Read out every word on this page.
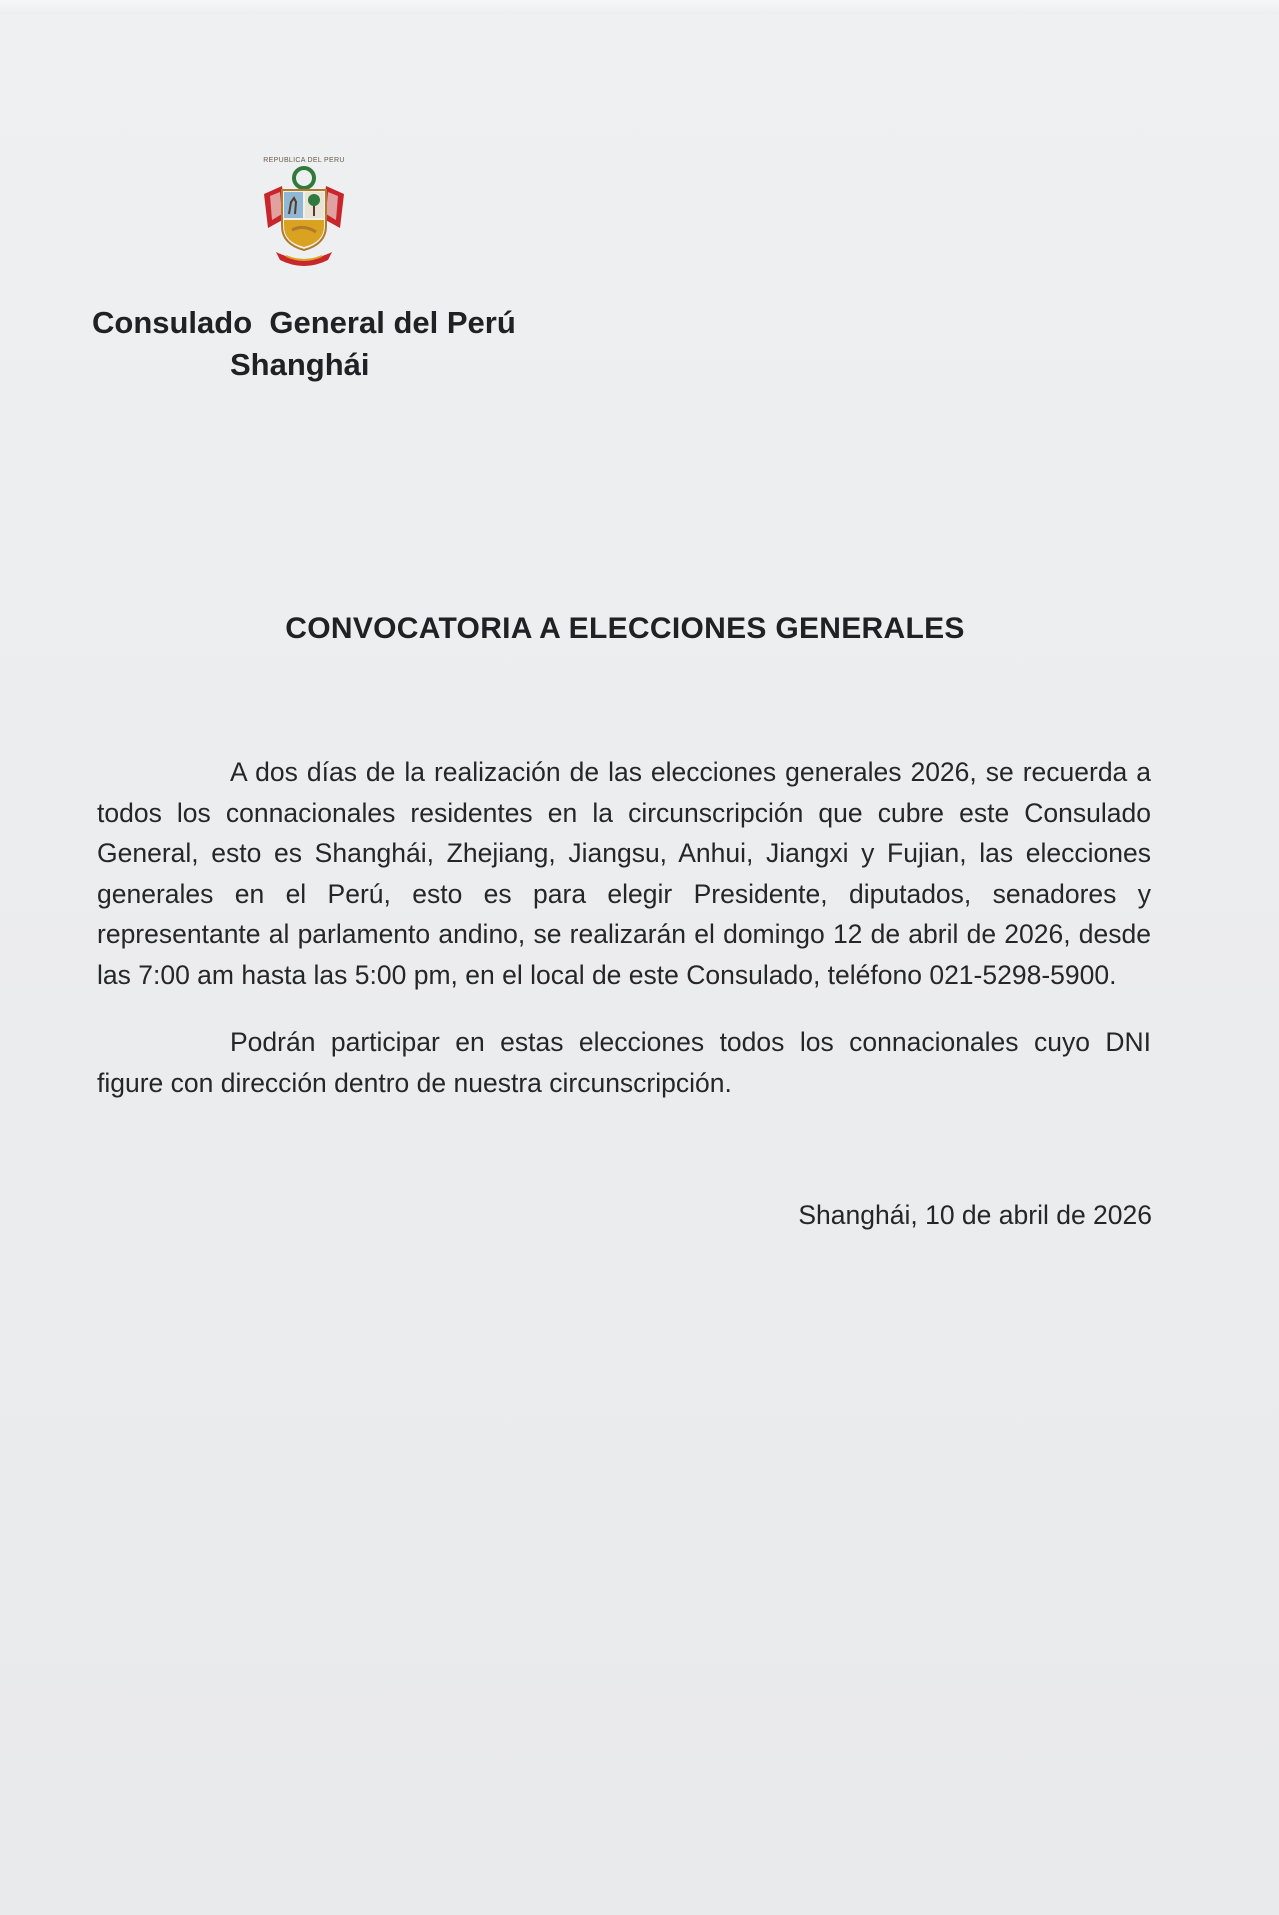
REPUBLICA DEL PERU
Consulado  General del Perú
Shanghái
CONVOCATORIA A ELECCIONES GENERALES

A dos días de la realización de las elecciones generales 2026, se recuerda a todos los connacionales residentes en la circunscripción que cubre este Consulado General, esto es Shanghái, Zhejiang, Jiangsu, Anhui, Jiangxi y Fujian, las elecciones generales en el Perú, esto es para elegir Presidente, diputados, senadores y representante al parlamento andino, se realizarán el domingo 12 de abril de 2026, desde las 7:00 am hasta las 5:00 pm, en el local de este Consulado, teléfono 021-5298-5900.

Podrán participar en estas elecciones todos los connacionales cuyo DNI figure con dirección dentro de nuestra circunscripción.

Shanghái, 10 de abril de 2026
